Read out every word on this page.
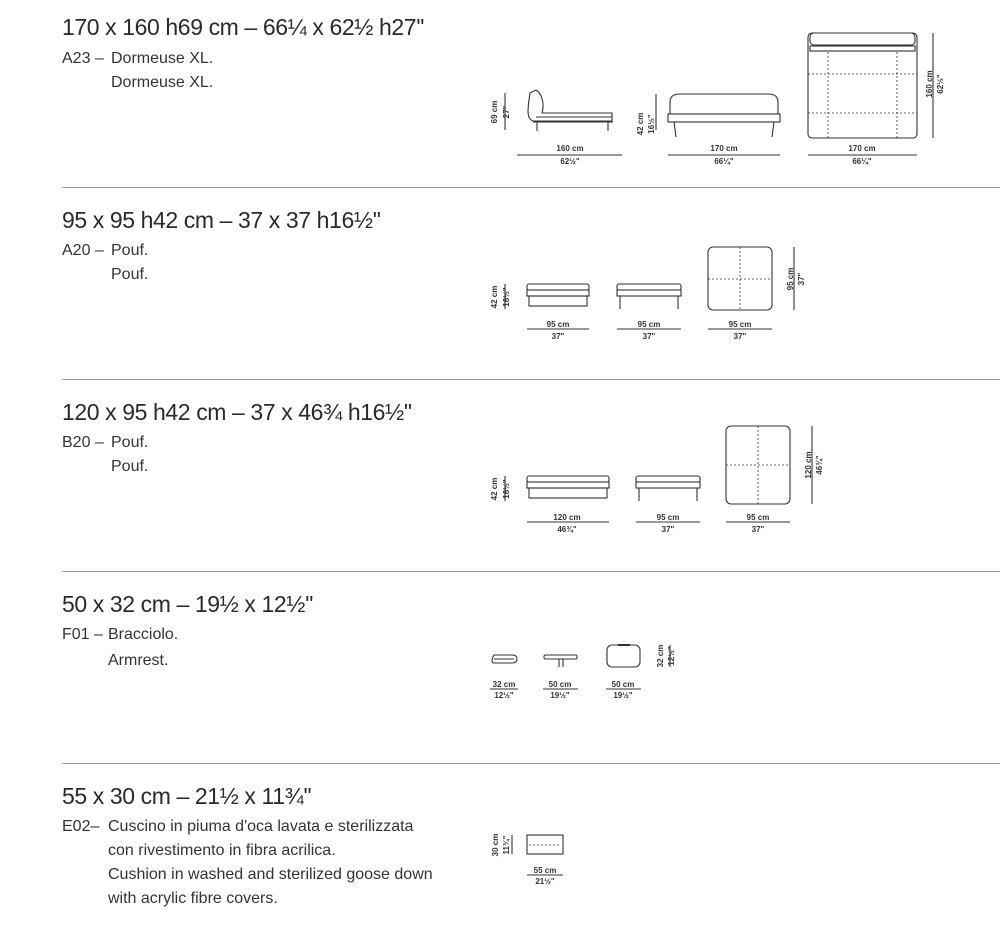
170 x 160 h69 cm – 66¼ x 62½ h27''
A23 – Dormeuse XL.
Dormeuse XL.
160 cm
62½"
170 cm
66¼"
170 cm
66¼"
69 cm 27"
42 cm 16½"
160 cm 62½"
95 x 95 h42 cm – 37 x 37 h16½''
A20 – Pouf.
Pouf.
95 cm
37"
95 cm
37"
95 cm
37"
42 cm 16½"
95 cm 37"
120 x 95 h42 cm – 37 x 46¾ h16½''
B20 – Pouf.
Pouf.
120 cm
46¾"
95 cm
37"
95 cm
37"
42 cm 16½"
120 cm 46¾"
50 x 32 cm – 19½ x 12½''
F01 – Bracciolo.
Armrest.
32 cm
12½"
50 cm
19½"
50 cm
19½"
32 cm 12½"
55 x 30 cm – 21½ x 11¾''
E02– Cuscino in piuma d'oca lavata e sterilizzata
con rivestimento in fibra acrilica.
Cushion in washed and sterilized goose down
with acrylic fibre covers.
55 cm
21½"
30 cm 11¾"
